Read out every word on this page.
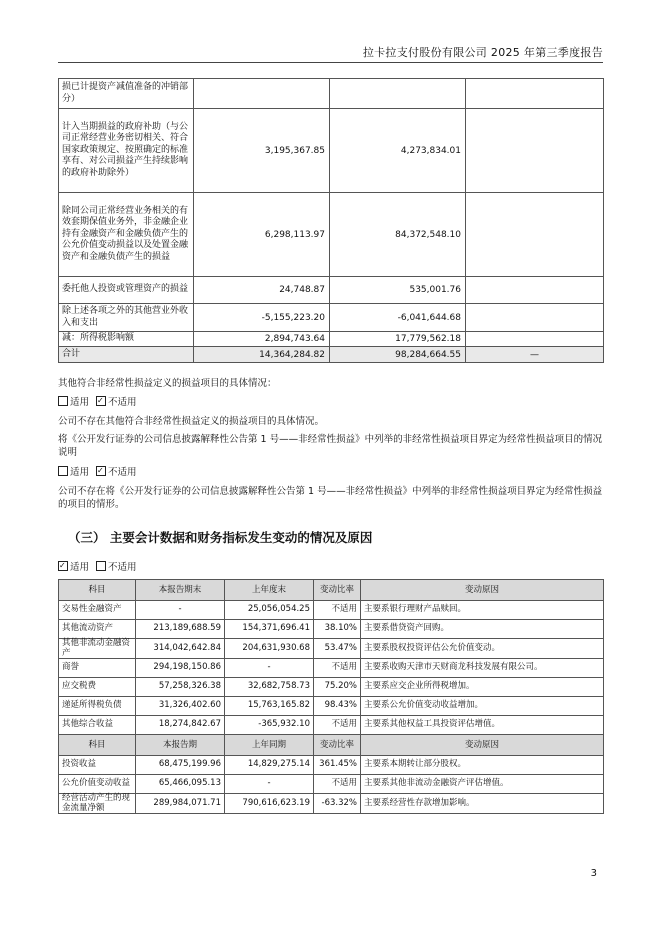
拉卡拉支付股份有限公司 2025 年第三季度报告
损已计提资产减值准备的冲销部分）			
计入当期损益的政府补助（与公司正常经营业务密切相关、符合国家政策规定、按照确定的标准享有、对公司损益产生持续影响的政府补助除外）	3,195,367.85	4,273,834.01	
除同公司正常经营业务相关的有效套期保值业务外，非金融企业持有金融资产和金融负债产生的公允价值变动损益以及处置金融资产和金融负债产生的损益	6,298,113.97	84,372,548.10	
委托他人投资或管理资产的损益	24,748.87	535,001.76	
除上述各项之外的其他营业外收入和支出	-5,155,223.20	-6,041,644.68	
减：所得税影响额	2,894,743.64	17,779,562.18	
合计	14,364,284.82	98,284,664.55	—
其他符合非经常性损益定义的损益项目的具体情况：
适用 ✓ 不适用
公司不存在其他符合非经常性损益定义的损益项目的具体情况。
将《公开发行证券的公司信息披露解释性公告第 1 号——非经常性损益》中列举的非经常性损益项目界定为经常性损益项目的情况说明
适用 ✓ 不适用
公司不存在将《公开发行证券的公司信息披露解释性公告第 1 号——非经常性损益》中列举的非经常性损益项目界定为经常性损益的项目的情形。
（三） 主要会计数据和财务指标发生变动的情况及原因
✓适用 不适用
科目	本报告期末	上年度末	变动比率	变动原因
交易性金融资产	-	25,056,054.25	不适用	主要系银行理财产品赎回。
其他流动资产	213,189,688.59	154,371,696.41	38.10%	主要系借贷资产回购。
其他非流动金融资产	314,042,642.84	204,631,930.68	53.47%	主要系股权投资评估公允价值变动。
商誉	294,198,150.86	-	不适用	主要系收购天津市天财商龙科技发展有限公司。
应交税费	57,258,326.38	32,682,758.73	75.20%	主要系应交企业所得税增加。
递延所得税负债	31,326,402.60	15,763,165.82	98.43%	主要系公允价值变动收益增加。
其他综合收益	18,274,842.67	-365,932.10	不适用	主要系其他权益工具投资评估增值。
科目	本报告期	上年同期	变动比率	变动原因
投资收益	68,475,199.96	14,829,275.14	361.45%	主要系本期转让部分股权。
公允价值变动收益	65,466,095.13	-	不适用	主要系其他非流动金融资产评估增值。
经营活动产生的现金流量净额	289,984,071.71	790,616,623.19	-63.32%	主要系经营性存款增加影响。
3
